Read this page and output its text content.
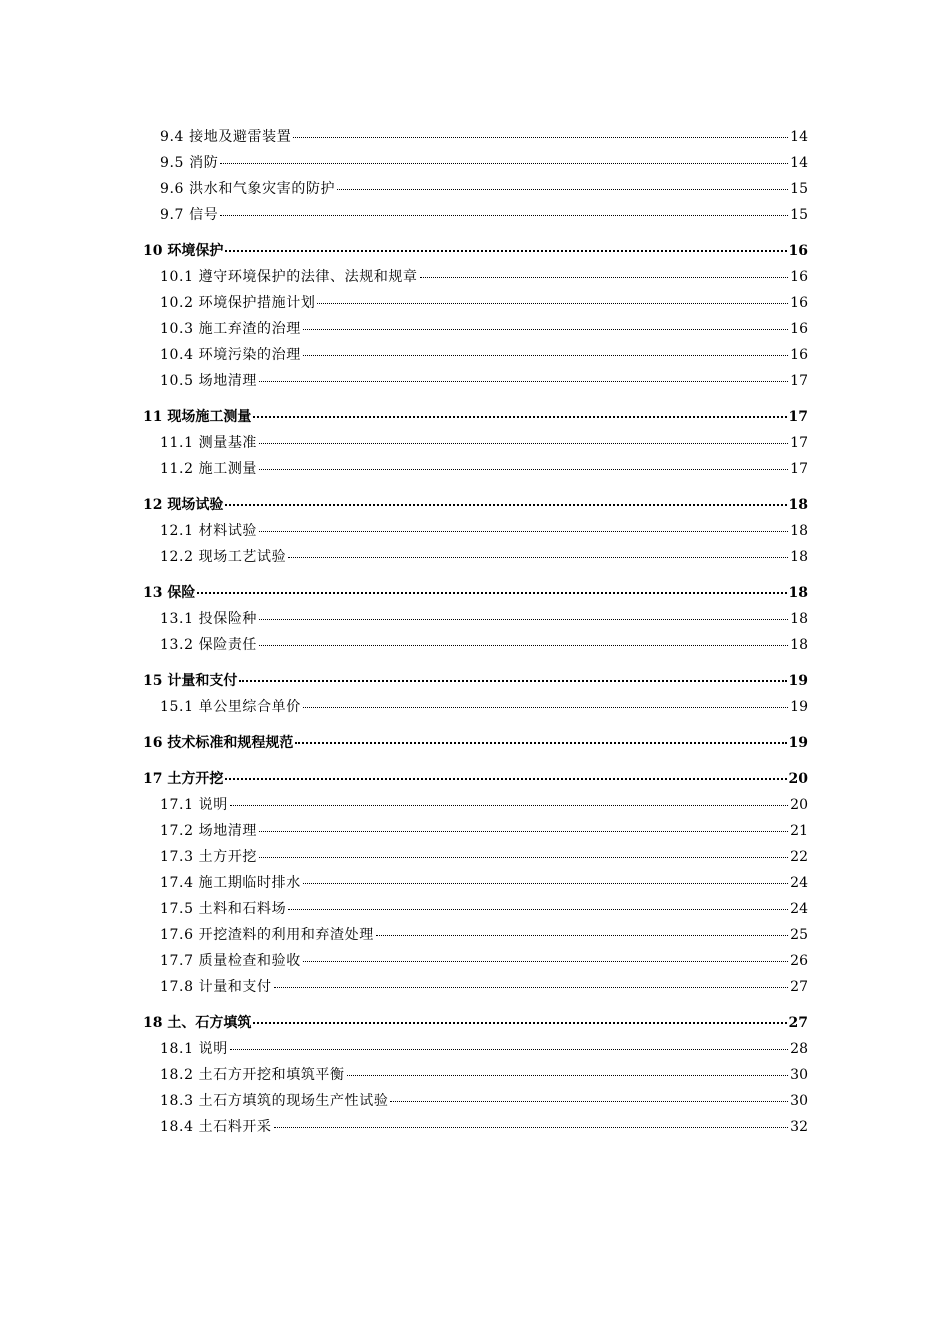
9.4 接地及避雷装置	14
9.5 消防	14
9.6 洪水和气象灾害的防护	15
9.7 信号	15
10 环境保护	16
10.1 遵守环境保护的法律、法规和规章	16
10.2 环境保护措施计划	16
10.3 施工弃渣的治理	16
10.4 环境污染的治理	16
10.5 场地清理	17
11 现场施工测量	17
11.1 测量基准	17
11.2 施工测量	17
12 现场试验	18
12.1 材料试验	18
12.2 现场工艺试验	18
13 保险	18
13.1 投保险种	18
13.2 保险责任	18
15 计量和支付	19
15.1 单公里综合单价	19
16 技术标准和规程规范	19
17 土方开挖	20
17.1 说明	20
17.2 场地清理	21
17.3 土方开挖	22
17.4 施工期临时排水	24
17.5 土料和石料场	24
17.6 开挖渣料的利用和弃渣处理	25
17.7 质量检查和验收	26
17.8 计量和支付	27
18 土、石方填筑	27
18.1 说明	28
18.2 土石方开挖和填筑平衡	30
18.3 土石方填筑的现场生产性试验	30
18.4 土石料开采	32
